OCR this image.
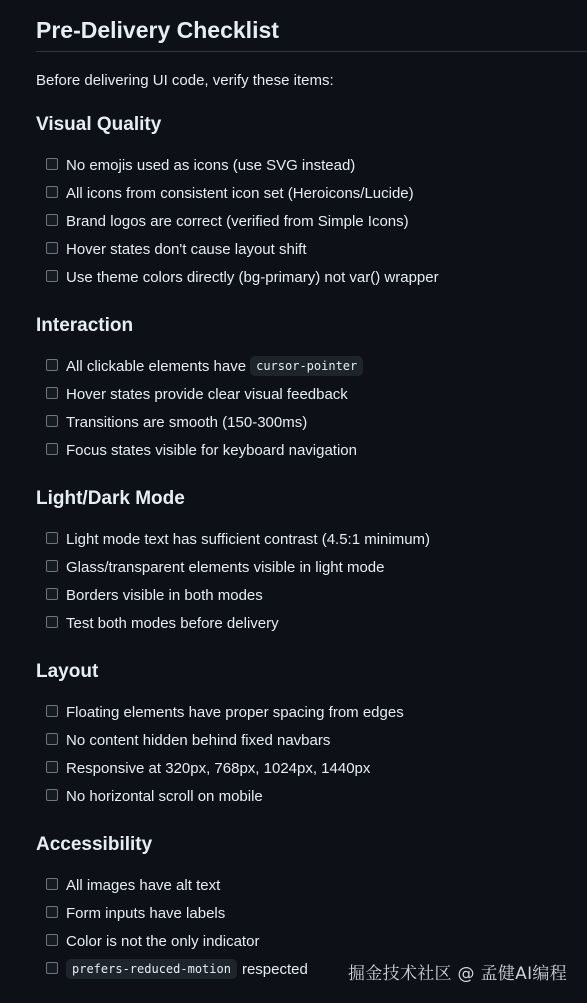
Pre-Delivery Checklist

Before delivering UI code, verify these items:

Visual Quality
No emojis used as icons (use SVG instead)
All icons from consistent icon set (Heroicons/Lucide)
Brand logos are correct (verified from Simple Icons)
Hover states don't cause layout shift
Use theme colors directly (bg-primary) not var() wrapper
Interaction
All clickable elements have cursor-pointer
Hover states provide clear visual feedback
Transitions are smooth (150-300ms)
Focus states visible for keyboard navigation
Light/Dark Mode
Light mode text has sufficient contrast (4.5:1 minimum)
Glass/transparent elements visible in light mode
Borders visible in both modes
Test both modes before delivery
Layout
Floating elements have proper spacing from edges
No content hidden behind fixed navbars
Responsive at 320px, 768px, 1024px, 1440px
No horizontal scroll on mobile
Accessibility
All images have alt text
Form inputs have labels
Color is not the only indicator
prefers-reduced-motion respected 掘金技术社区 @ 孟健AI编程
